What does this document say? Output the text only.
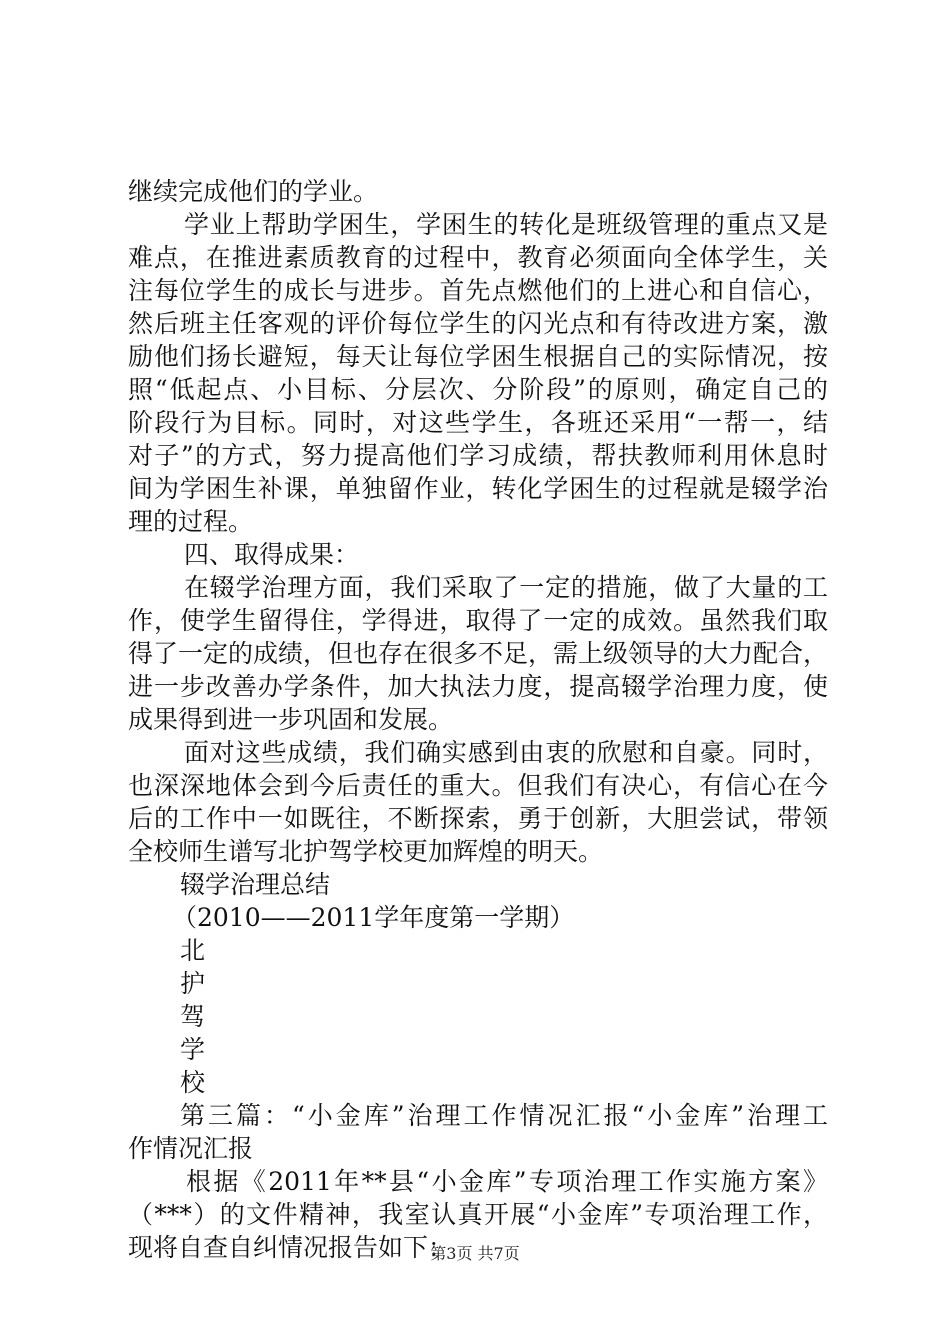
继续完成他们的学业。

学业上帮助学困生，学困生的转化是班级管理的重点又是

难点，在推进素质教育的过程中，教育必须面向全体学生，关

注每位学生的成长与进步。首先点燃他们的上进心和自信心，

然后班主任客观的评价每位学生的闪光点和有待改进方案，激

励他们扬长避短，每天让每位学困生根据自己的实际情况，按

照“低起点、小目标、分层次、分阶段”的原则，确定自己的

阶段行为目标。同时，对这些学生，各班还采用“一帮一，结

对子”的方式，努力提高他们学习成绩，帮扶教师利用休息时

间为学困生补课，单独留作业，转化学困生的过程就是辍学治

理的过程。

四、取得成果：

在辍学治理方面，我们采取了一定的措施，做了大量的工

作，使学生留得住，学得进，取得了一定的成效。虽然我们取

得了一定的成绩，但也存在很多不足，需上级领导的大力配合，

进一步改善办学条件，加大执法力度，提高辍学治理力度，使

成果得到进一步巩固和发展。

面对这些成绩，我们确实感到由衷的欣慰和自豪。同时，

也深深地体会到今后责任的重大。但我们有决心，有信心在今

后的工作中一如既往，不断探索，勇于创新，大胆尝试，带领

全校师生谱写北护驾学校更加辉煌的明天。

辍学治理总结

（2010——2011学年度第一学期）

北

护

驾

学

校

第三篇：“小金库”治理工作情况汇报“小金库”治理工

作情况汇报

根据《2011年**县“小金库”专项治理工作实施方案》

（***）的文件精神，我室认真开展“小金库”专项治理工作，

现将自查自纠情况报告如下：

第3页 共7页
